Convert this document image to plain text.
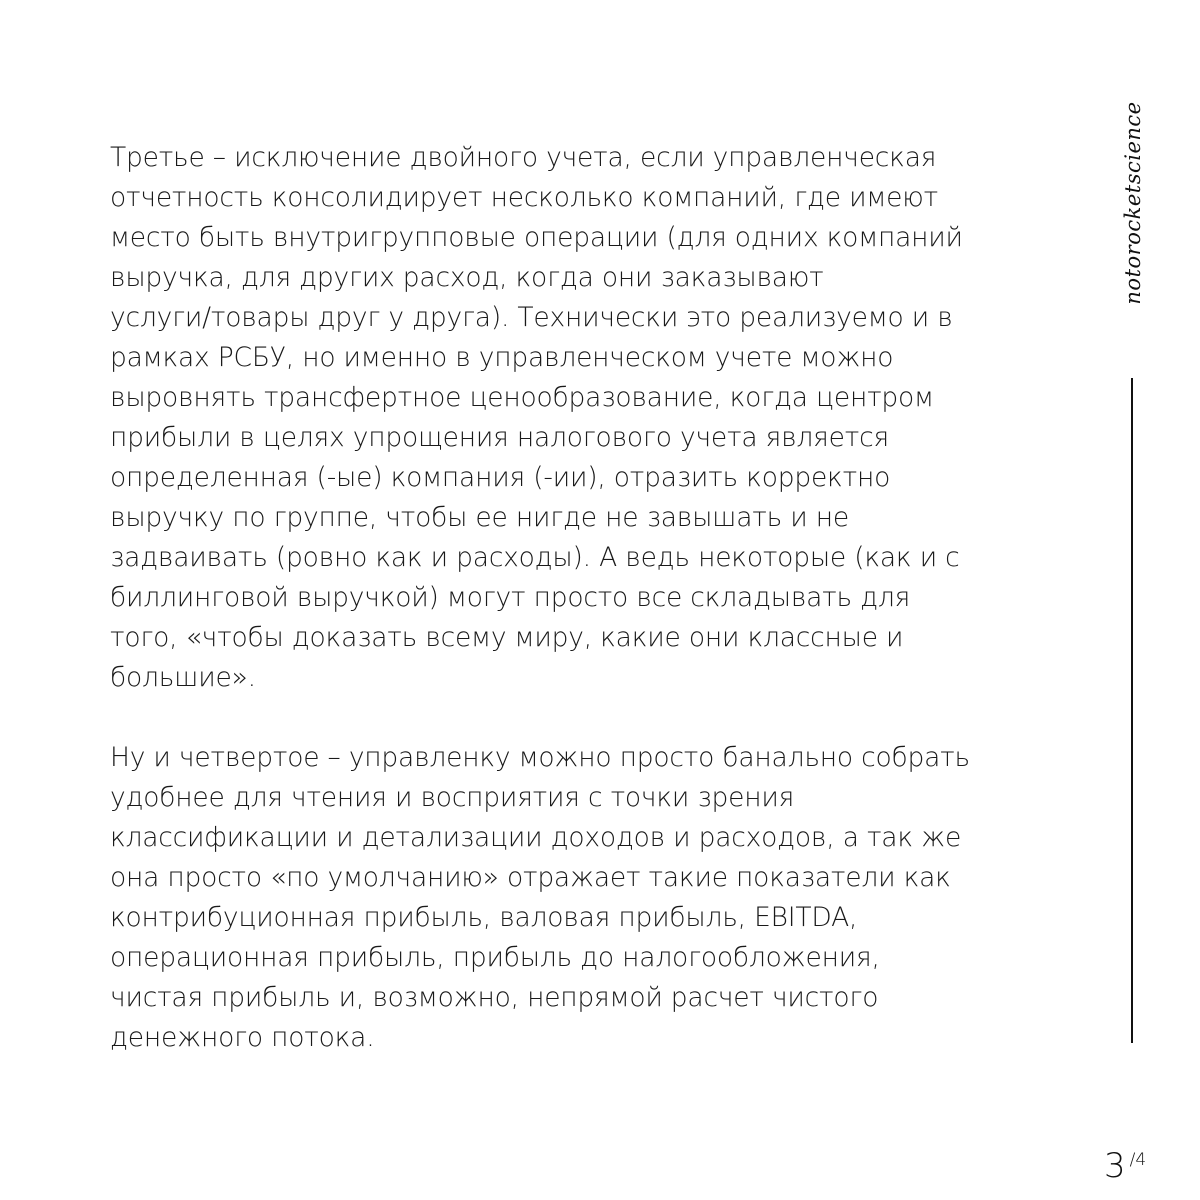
Третье – исключение двойного учета, если управленческая
отчетность консолидирует несколько компаний, где имеют
место быть внутригрупповые операции (для одних компаний
выручка, для других расход, когда они заказывают
услуги/товары друг у друга). Технически это реализуемо и в
рамках РСБУ, но именно в управленческом учете можно
выровнять трансфертное ценообразование, когда центром
прибыли в целях упрощения налогового учета является
определенная (-ые) компания (-ии), отразить корректно
выручку по группе, чтобы ее нигде не завышать и не
задваивать (ровно как и расходы). А ведь некоторые (как и с
биллинговой выручкой) могут просто все складывать для
того, «чтобы доказать всему миру, какие они классные и
большие».

Ну и четвертое – управленку можно просто банально собрать
удобнее для чтения и восприятия с точки зрения
классификации и детализации доходов и расходов, а так же
она просто «по умолчанию» отражает такие показатели как
контрибуционная прибыль, валовая прибыль, EBITDA,
операционная прибыль, прибыль до налогообложения,
чистая прибыль и, возможно, непрямой расчет чистого
денежного потока.

notorocketscience
3 /4
